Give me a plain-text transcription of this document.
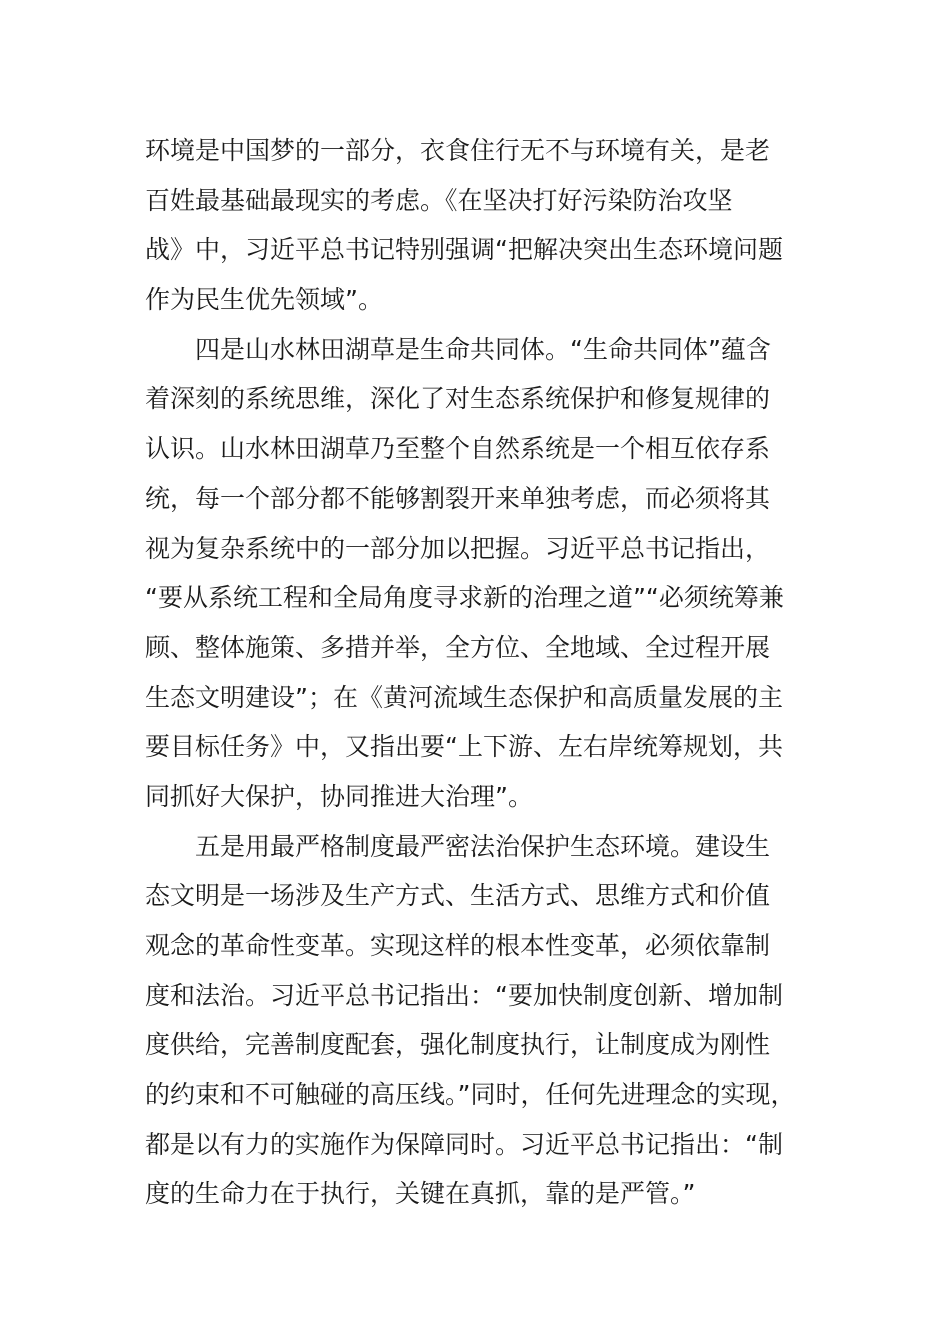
环境是中国梦的一部分，衣食住行无不与环境有关，是老
百姓最基础最现实的考虑。《在坚决打好污染防治攻坚
战》中，习近平总书记特别强调“把解决突出生态环境问题
作为民生优先领域”。
四是山水林田湖草是生命共同体。“生命共同体”蕴含
着深刻的系统思维，深化了对生态系统保护和修复规律的
认识。山水林田湖草乃至整个自然系统是一个相互依存系
统，每一个部分都不能够割裂开来单独考虑，而必须将其
视为复杂系统中的一部分加以把握。习近平总书记指出，
“要从系统工程和全局角度寻求新的治理之道”“必须统筹兼
顾、整体施策、多措并举，全方位、全地域、全过程开展
生态文明建设”；在《黄河流域生态保护和高质量发展的主
要目标任务》中，又指出要“上下游、左右岸统筹规划，共
同抓好大保护，协同推进大治理”。
五是用最严格制度最严密法治保护生态环境。建设生
态文明是一场涉及生产方式、生活方式、思维方式和价值
观念的革命性变革。实现这样的根本性变革，必须依靠制
度和法治。习近平总书记指出：“要加快制度创新、增加制
度供给，完善制度配套，强化制度执行，让制度成为刚性
的约束和不可触碰的高压线。”同时，任何先进理念的实现，
都是以有力的实施作为保障同时。习近平总书记指出：“制
度的生命力在于执行，关键在真抓，靠的是严管。”
